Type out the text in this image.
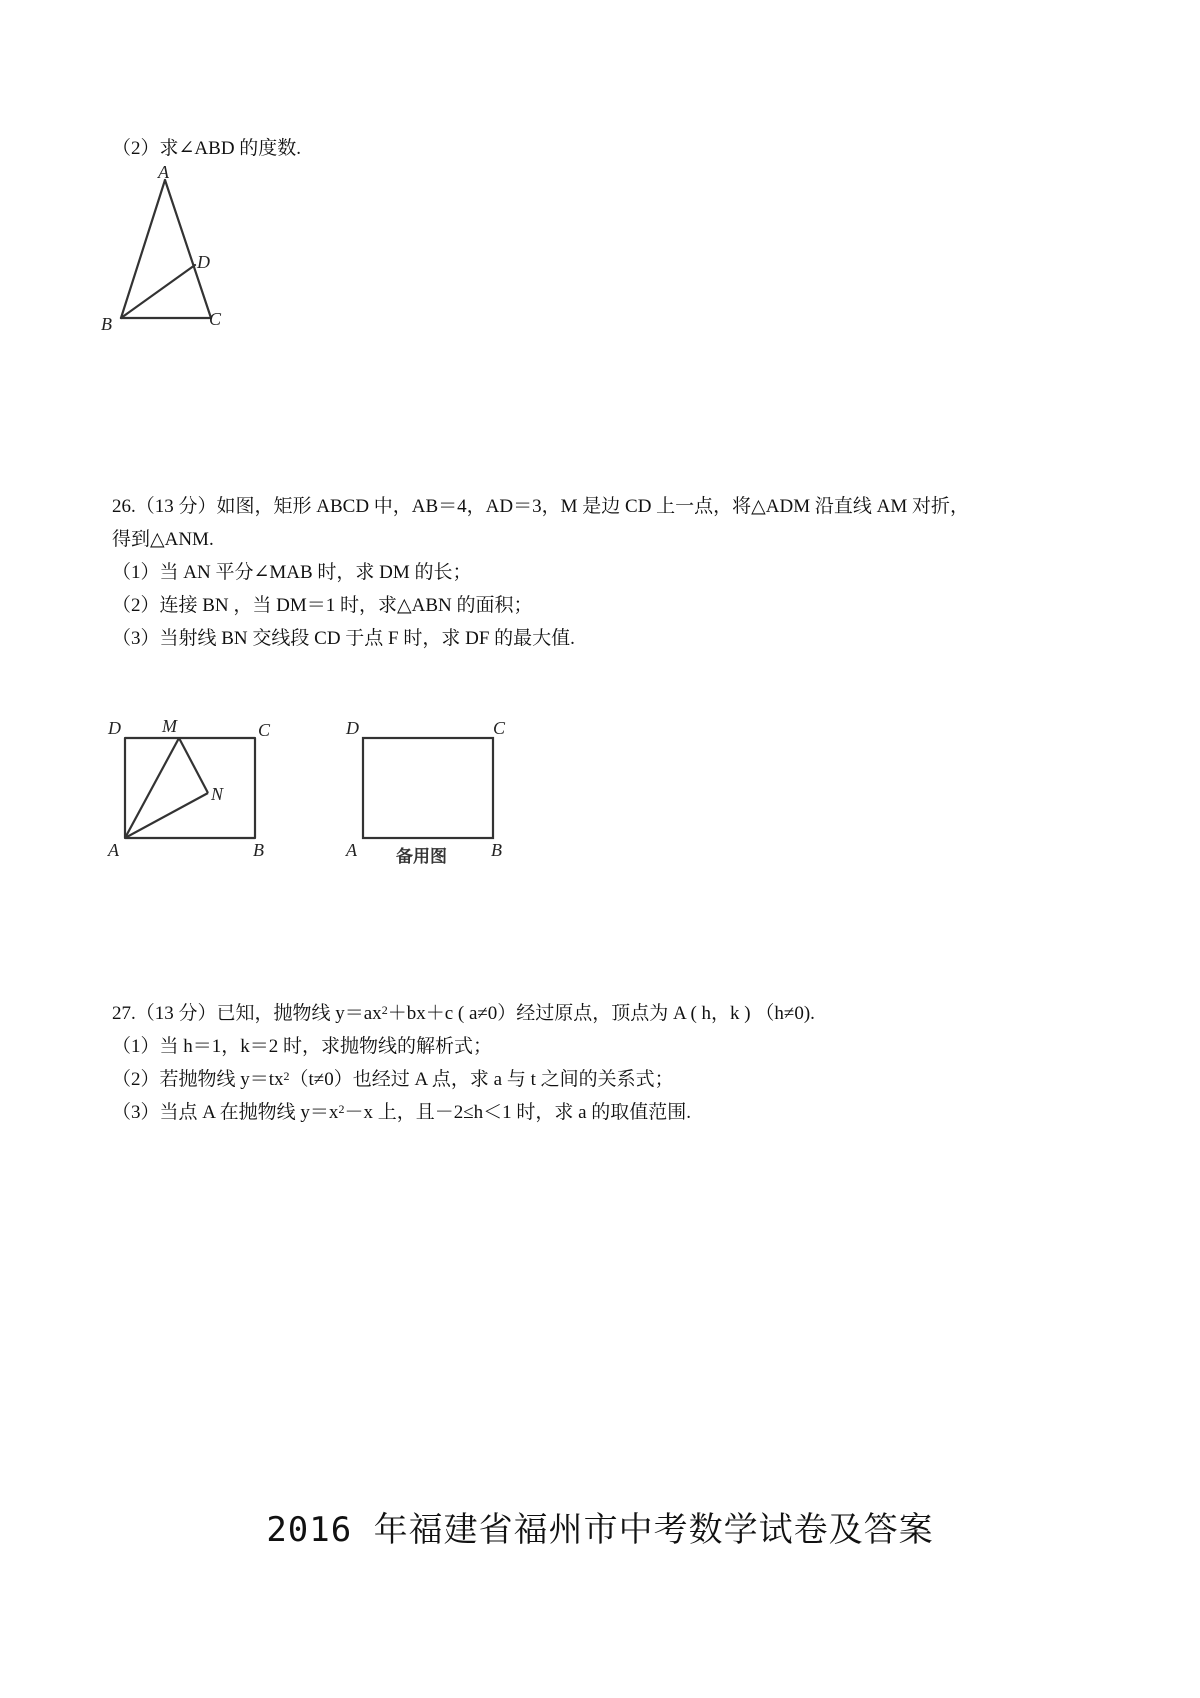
（2）求∠ABD 的度数.
A
D
B	C
26.（13 分）如图，矩形 ABCD 中，AB＝4，AD＝3，M 是边 CD 上一点，将△ADM 沿直线 AM 对折，
得到△ANM.
（1）当 AN 平分∠MAB 时，求 DM 的长；
（2）连接 BN ，当 DM＝1 时，求△ABN 的面积；
（3）当射线 BN 交线段 CD 于点 F 时，求 DF 的最大值.
D M	C
N
A	B
D	C
A	B
备用图
27.（13 分）已知，抛物线 $y=ax^2+bx+c$ ( a≠0）经过原点，顶点为 A ( h，k ) （h≠0).
（1）当 h＝1，k＝2 时，求抛物线的解析式；
（2）若抛物线 $y=tx^2(t\ne 0)$也经过 A 点，求 a 与 t 之间的关系式；
（3）当点 A 在抛物线 $y=x^2-x$ 上，且－2≤h＜1 时，求 a 的取值范围.
2016 年福建省福州市中考数学试卷及答案
